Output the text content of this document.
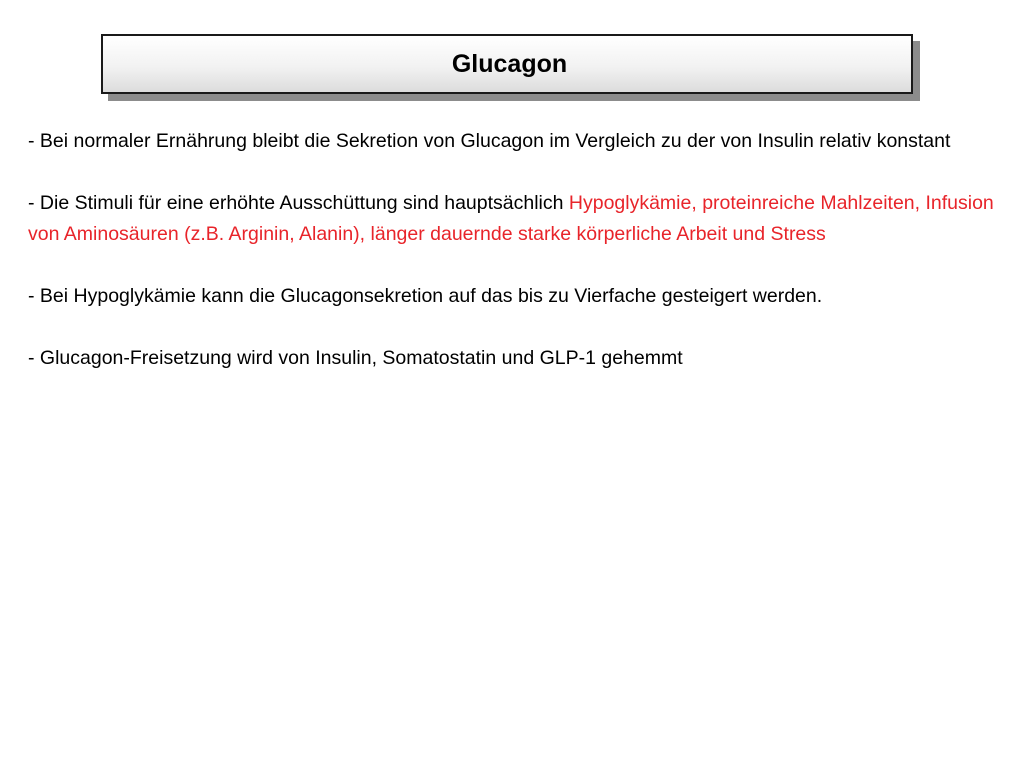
Glucagon

- Bei normaler Ernährung bleibt die Sekretion von Glucagon im Vergleich zu der von Insulin relativ konstant

- Die Stimuli für eine erhöhte Ausschüttung sind hauptsächlich Hypoglykämie, proteinreiche Mahlzeiten, Infusion von Aminosäuren (z.B. Arginin, Alanin), länger dauernde starke körperliche Arbeit und Stress

- Bei Hypoglykämie kann die Glucagonsekretion auf das bis zu Vierfache gesteigert werden.

- Glucagon-Freisetzung wird von Insulin, Somatostatin und GLP-1 gehemmt
